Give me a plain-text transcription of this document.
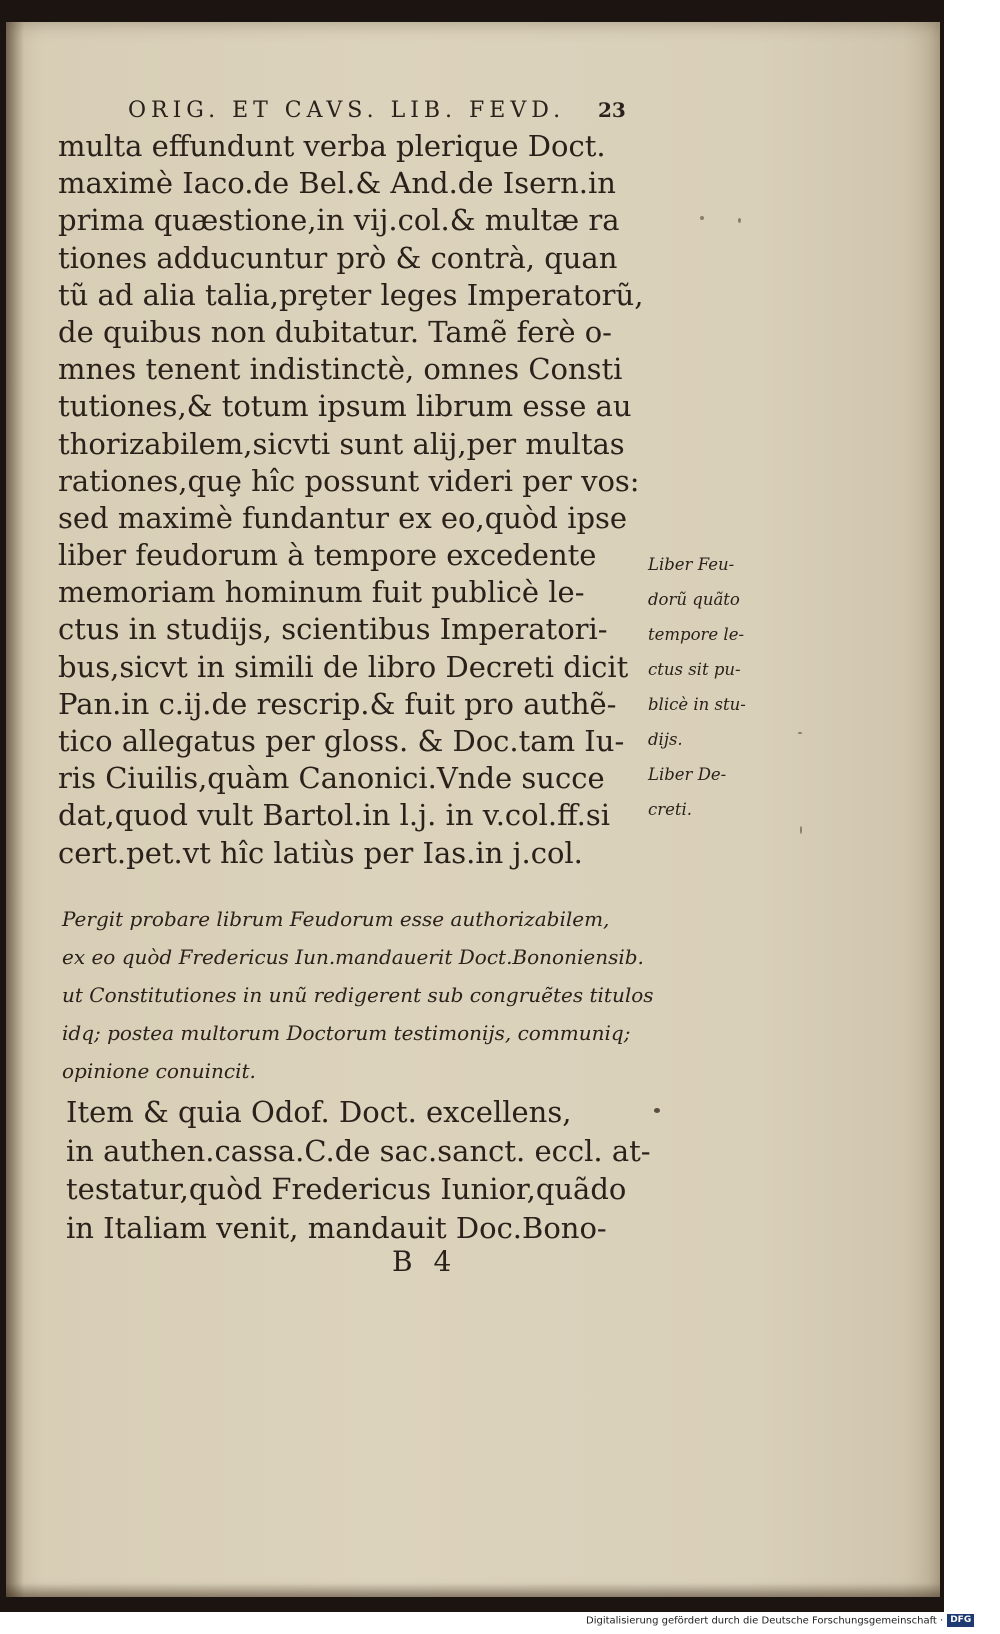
ORIG. ET CAVS. LIB. FEVD. 23
multa effundunt verba plerique Doct.
maximè Iaco.de Bel.& And.de Isern.in
prima quæstione,in vij.col.& multæ ra
tiones adducuntur prò & contrà, quan
tũ ad alia talia,prȩter leges Imperatorũ,
de quibus non dubitatur. Tamẽ ferè o-
mnes tenent indistinctè, omnes Consti
tutiones,& totum ipsum librum esse au
thorizabilem,sicvti sunt alij,per multas
rationes,quȩ hîc possunt videri per vos:
sed maximè fundantur ex eo,quòd ipse
liber feudorum à tempore excedente
memoriam hominum fuit publicè le-
ctus in studijs, scientibus Imperatori-
bus,sicvt in simili de libro Decreti dicit
Pan.in c.ij.de rescrip.& fuit pro authẽ-
tico allegatus per gloss. & Doc.tam Iu-
ris Ciuilis,quàm Canonici.Vnde succe
dat,quod vult Bartol.in l.j. in v.col.ff.si
cert.pet.vt hîc latiùs per Ias.in j.col.
Pergit probare librum Feudorum esse authorizabilem,
ex eo quòd Fredericus Iun.mandauerit Doct.Bononiensib.
ut Constitutiones in unũ redigerent sub congruẽtes titulos
idq; postea multorum Doctorum testimonijs, communiq;
opinione conuincit.
Item & quia Odof. Doct. excellens,
in authen.cassa.C.de sac.sanct. eccl. at-
testatur,quòd Fredericus Iunior,quãdo
in Italiam venit, mandauit Doc.Bono-
B 4
Liber Feu-
dorũ quãto
tempore le-
ctus sit pu-
blicè in stu-
dijs.
Liber De-
creti.
Digitalisierung gefördert durch die Deutsche Forschungsgemeinschaft · DFG
